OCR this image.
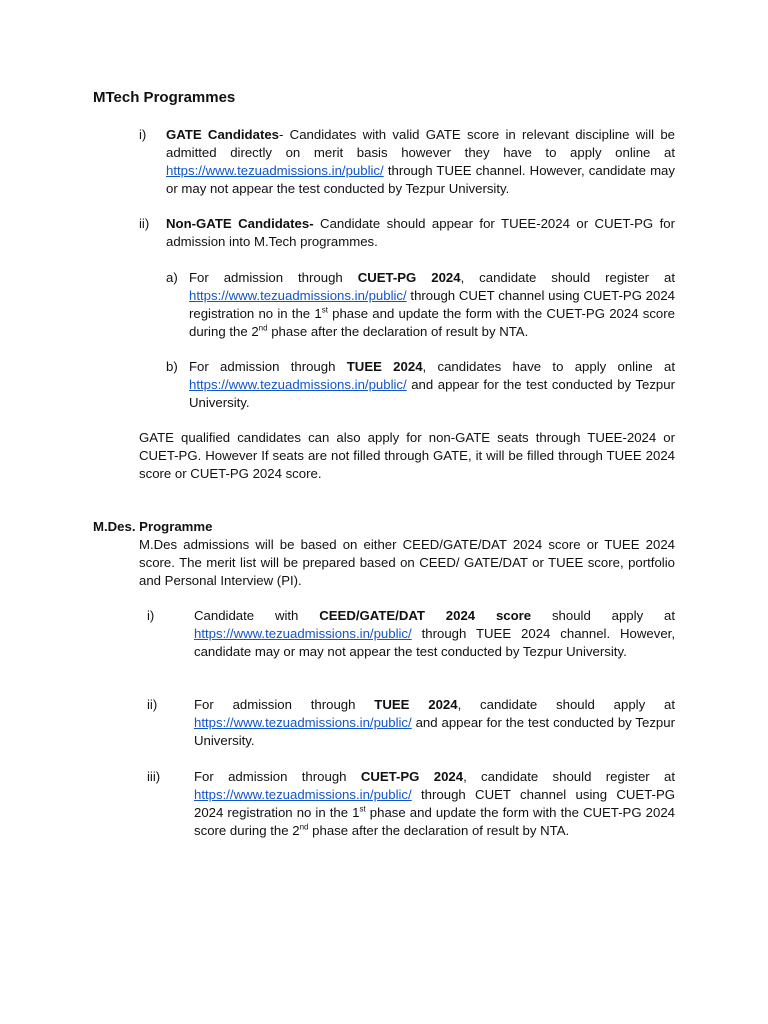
MTech Programmes
i) GATE Candidates- Candidates with valid GATE score in relevant discipline will be admitted directly on merit basis however they have to apply online at https://www.tezuadmissions.in/public/ through TUEE channel. However, candidate may or may not appear the test conducted by Tezpur University.

ii) Non-GATE Candidates- Candidate should appear for TUEE-2024 or CUET-PG for admission into M.Tech programmes.

a) For admission through CUET-PG 2024, candidate should register at https://www.tezuadmissions.in/public/ through CUET channel using CUET-PG 2024 registration no in the 1st phase and update the form with the CUET-PG 2024 score during the 2nd phase after the declaration of result by NTA.

b) For admission through TUEE 2024, candidates have to apply online at https://www.tezuadmissions.in/public/ and appear for the test conducted by Tezpur University.

GATE qualified candidates can also apply for non-GATE seats through TUEE-2024 or CUET-PG. However If seats are not filled through GATE, it will be filled through TUEE 2024 score or CUET-PG 2024 score.

M.Des. Programme

M.Des admissions will be based on either CEED/GATE/DAT 2024 score or TUEE 2024 score. The merit list will be prepared based on CEED/ GATE/DAT or TUEE score, portfolio and Personal Interview (PI).

i)	Candidate with CEED/GATE/DAT 2024 score should apply at https://www.tezuadmissions.in/public/ through TUEE 2024 channel. However, candidate may or may not appear the test conducted by Tezpur University.

ii)	For admission through TUEE 2024, candidate should apply at https://www.tezuadmissions.in/public/ and appear for the test conducted by Tezpur University.

iii)	For admission through CUET-PG 2024, candidate should register at https://www.tezuadmissions.in/public/ through CUET channel using CUET-PG 2024 registration no in the 1st phase and update the form with the CUET-PG 2024 score during the 2nd phase after the declaration of result by NTA.
